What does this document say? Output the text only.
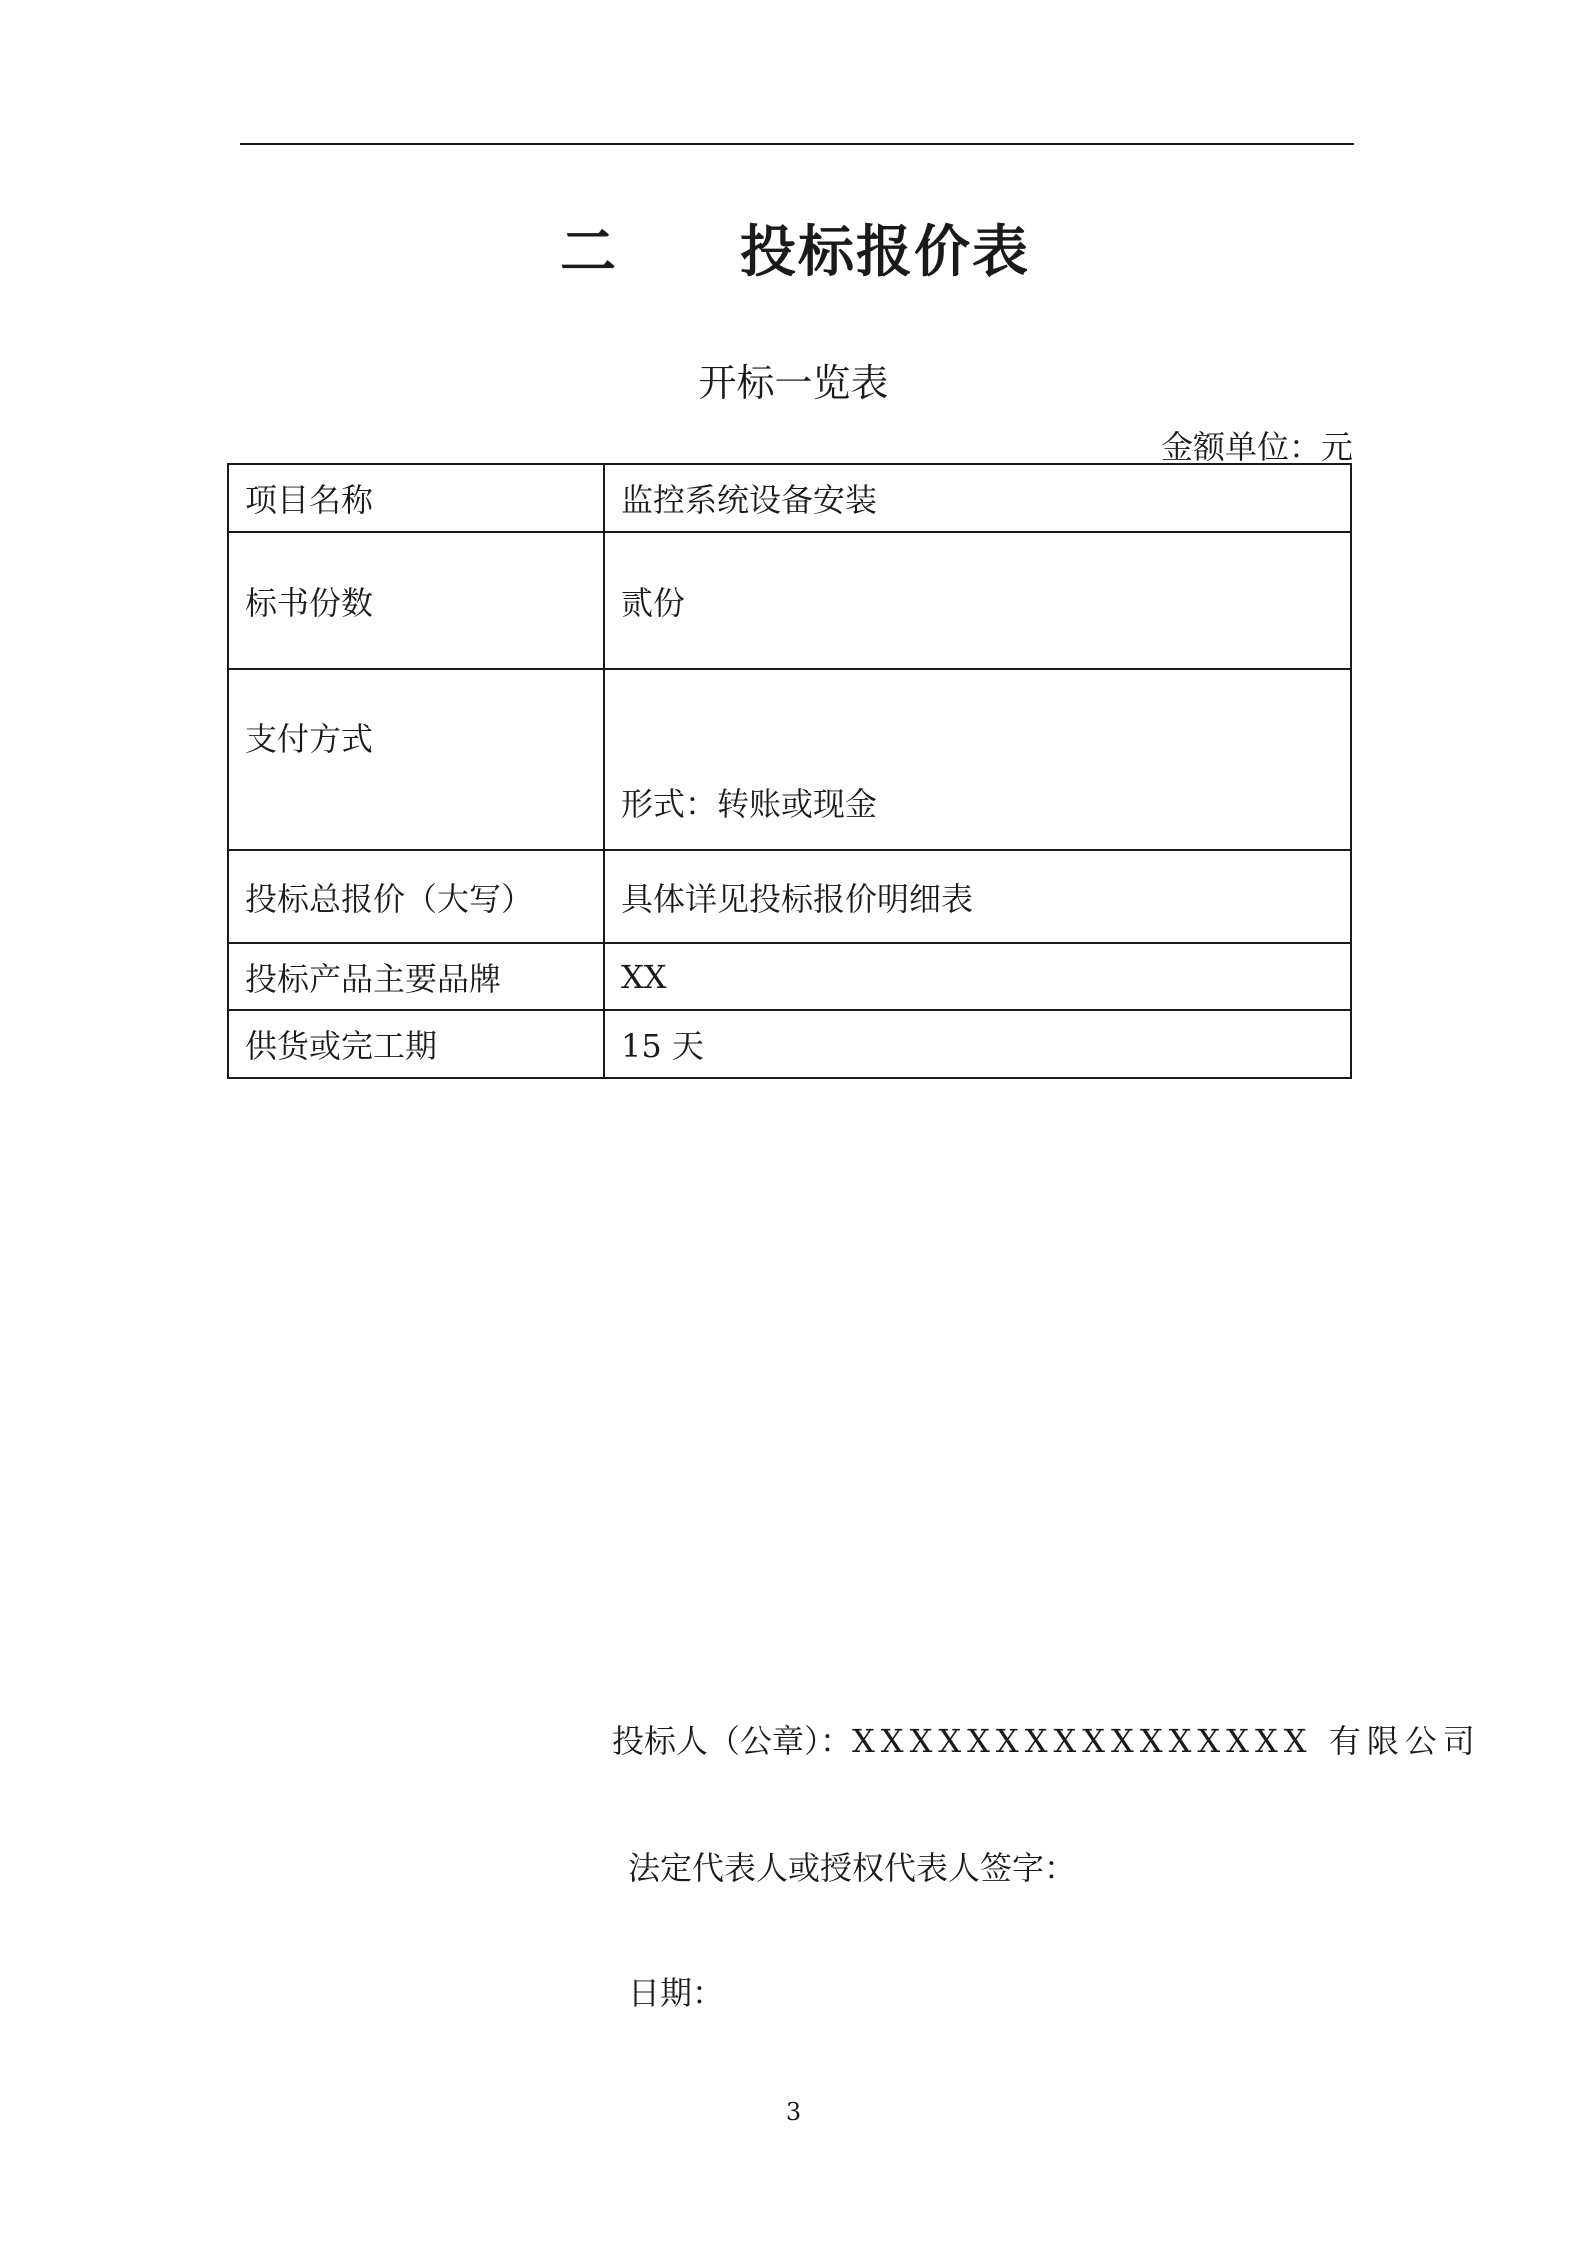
二 投标报价表
开标一览表
金额单位：元
项目名称	监控系统设备安装
标书份数	贰份
支付方式	形式：转账或现金
投标总报价（大写）	具体详见投标报价明细表
投标产品主要品牌	XX
供货或完工期	15 天
投标人（公章）：XXXXXXXXXXXXXXXX 有限公司
法定代表人或授权代表人签字：
日期：
3
